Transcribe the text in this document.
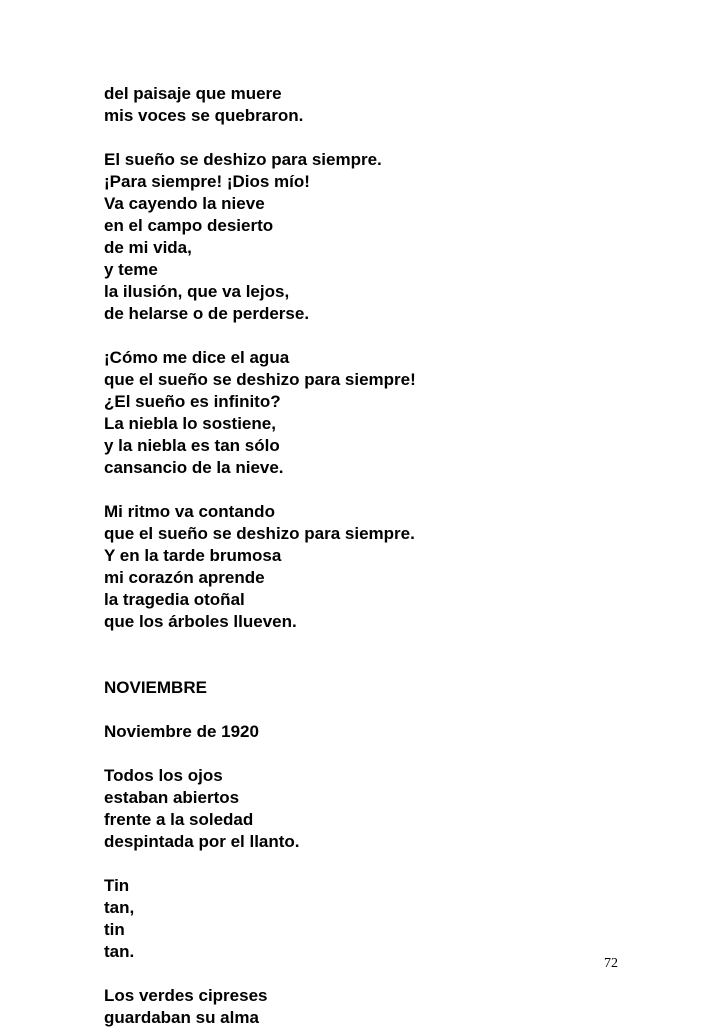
del paisaje que muere
mis voces se quebraron.
El sueño se deshizo para siempre.
¡Para siempre! ¡Dios mío!
Va cayendo la nieve
en el campo desierto
de mi vida,
y teme
la ilusión, que va lejos,
de helarse o de perderse.
¡Cómo me dice el agua
que el sueño se deshizo para siempre!
¿El sueño es infinito?
La niebla lo sostiene,
y la niebla es tan sólo
cansancio de la nieve.
Mi ritmo va contando
que el sueño se deshizo para siempre.
Y en la tarde brumosa
mi corazón aprende
la tragedia otoñal
que los árboles llueven.
NOVIEMBRE
Noviembre de 1920
Todos los ojos
estaban abiertos
frente a la soledad
despintada por el llanto.
Tin
tan,
tin
tan.
Los verdes cipreses
guardaban su alma
72
